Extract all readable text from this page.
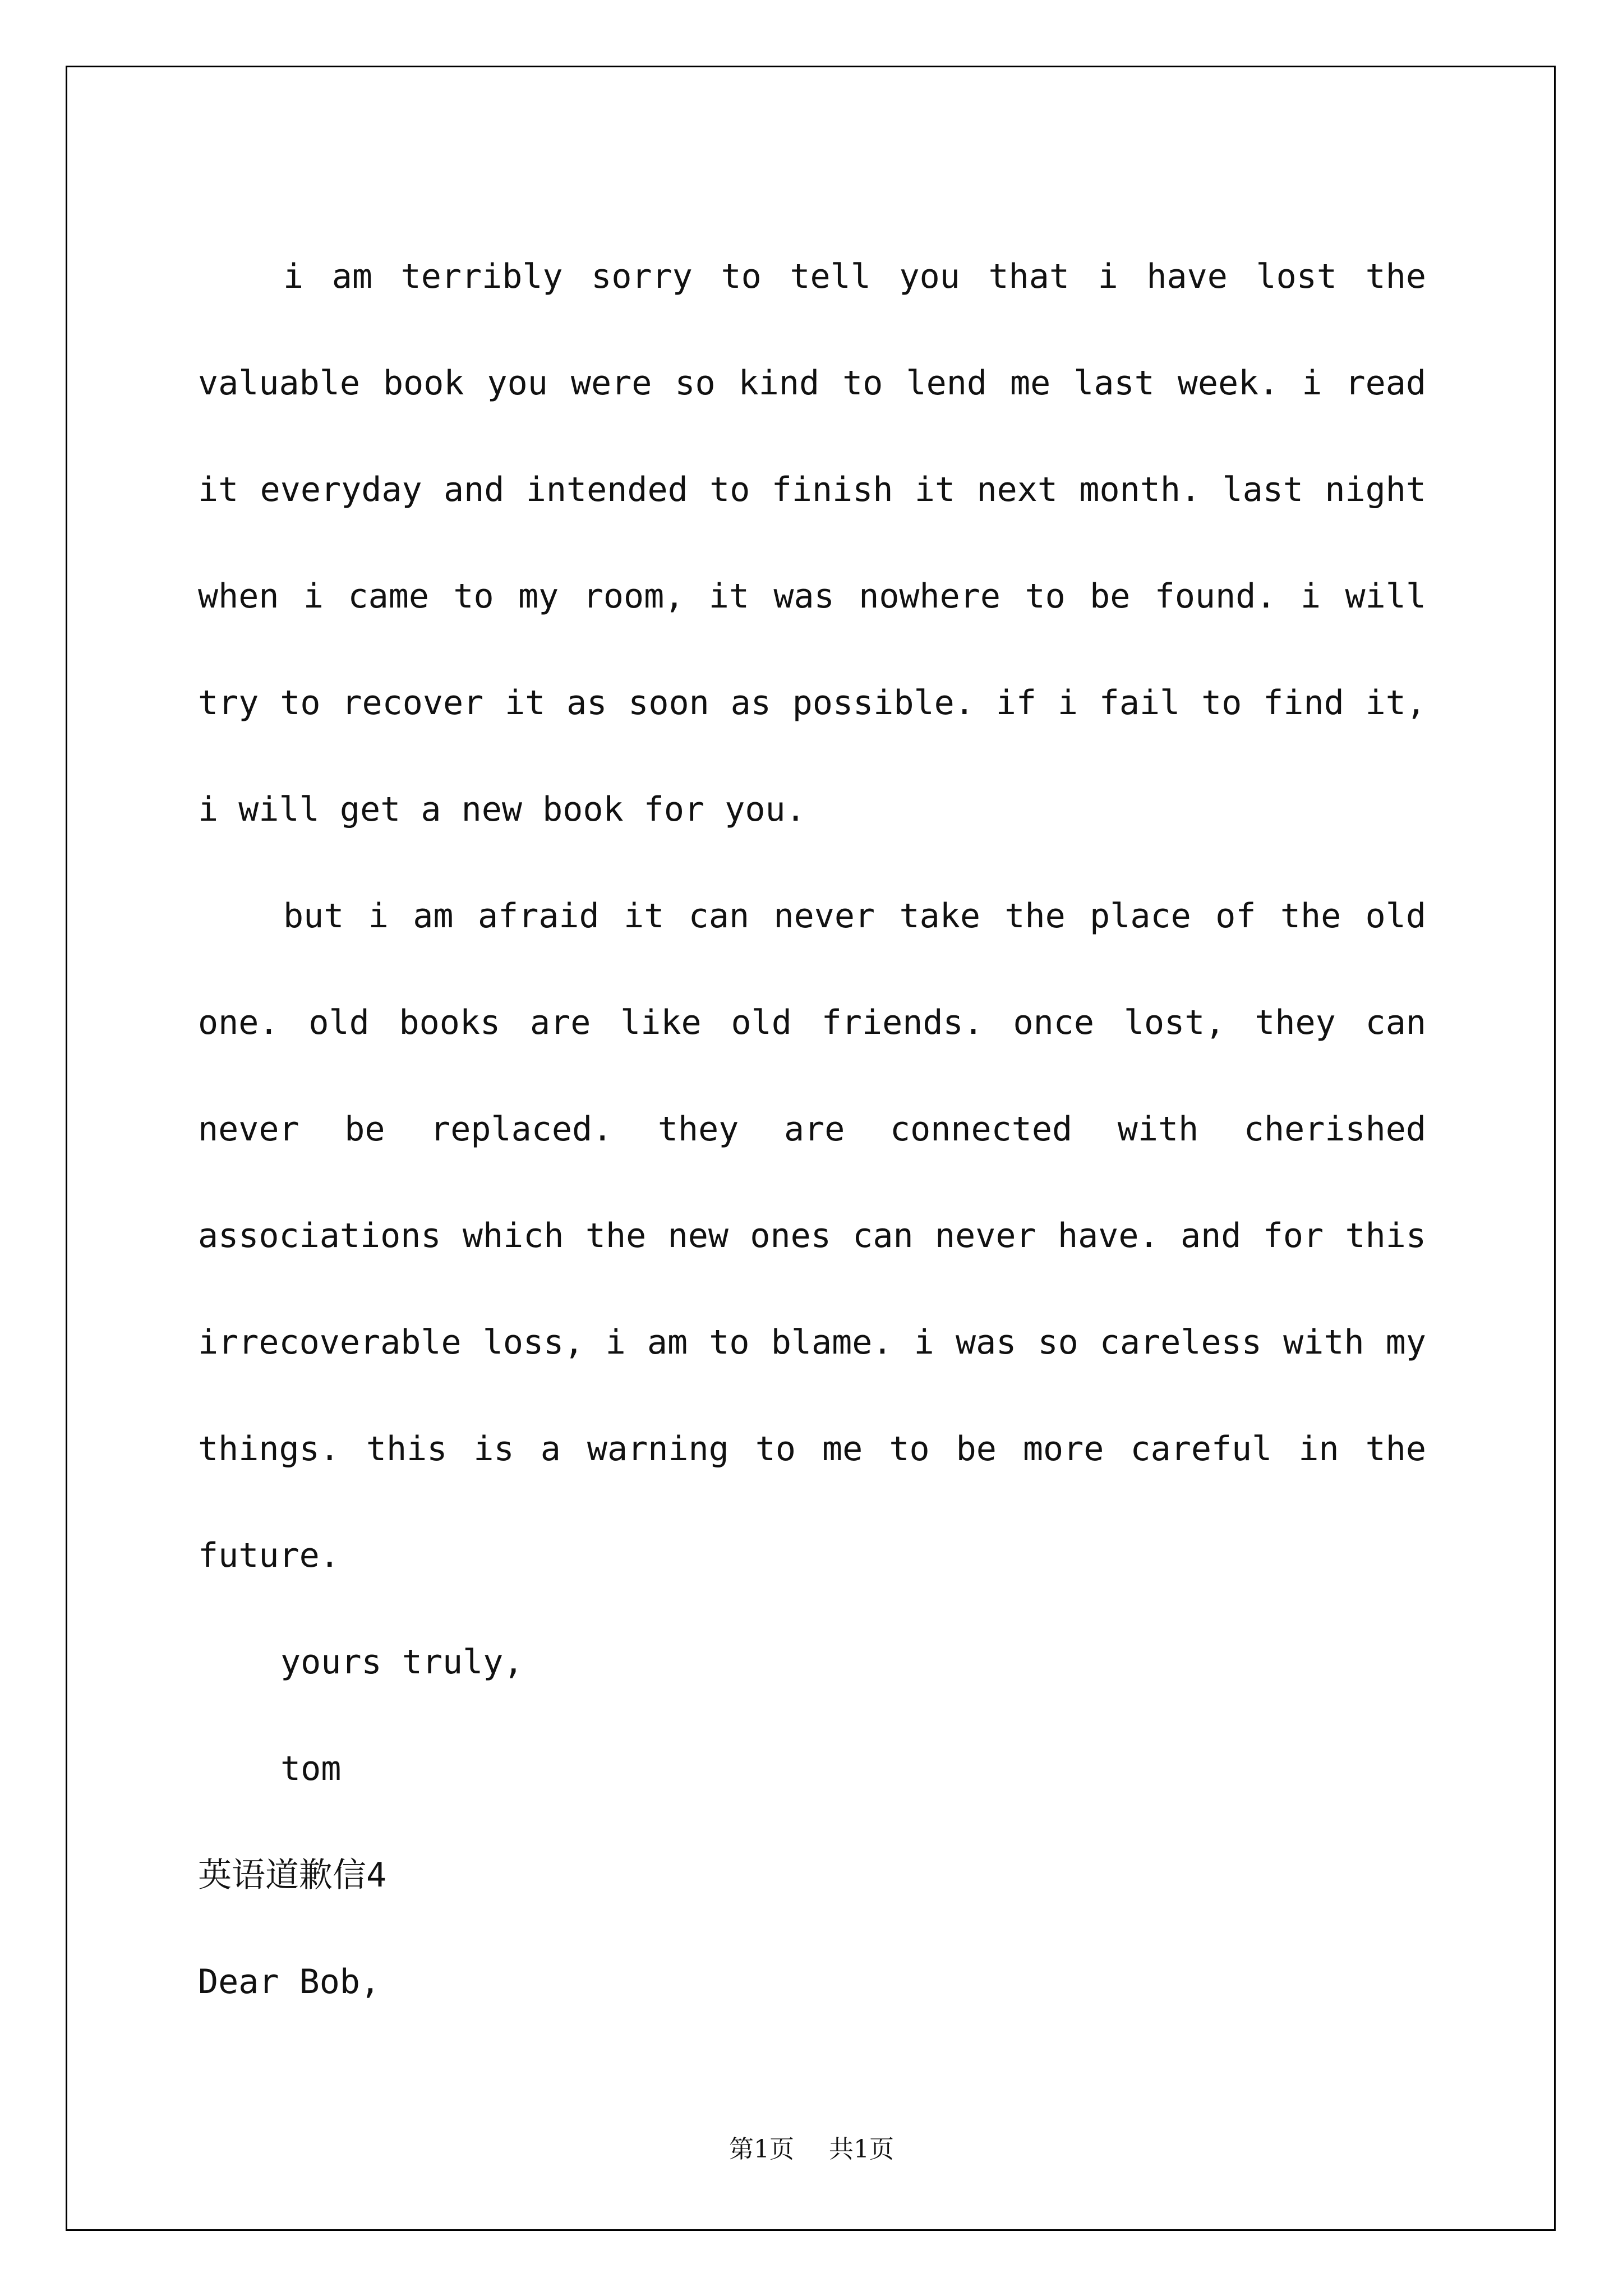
i am terribly sorry to tell you that i have lost the valuable book you were so kind to lend me last week. i read it everyday and intended to finish it next month. last night when i came to my room, it was nowhere to be found. i will try to recover it as soon as possible. if i fail to find it, i will get a new book for you.

but i am afraid it can never take the place of the old one. old books are like old friends. once lost, they can never be replaced. they are connected with cherished associations which the new ones can never have. and for this irrecoverable loss, i am to blame. i was so careless with my things. this is a warning to me to be more careful in the future.

yours truly,

tom

英语道歉信4

Dear Bob,

第1页 共1页
